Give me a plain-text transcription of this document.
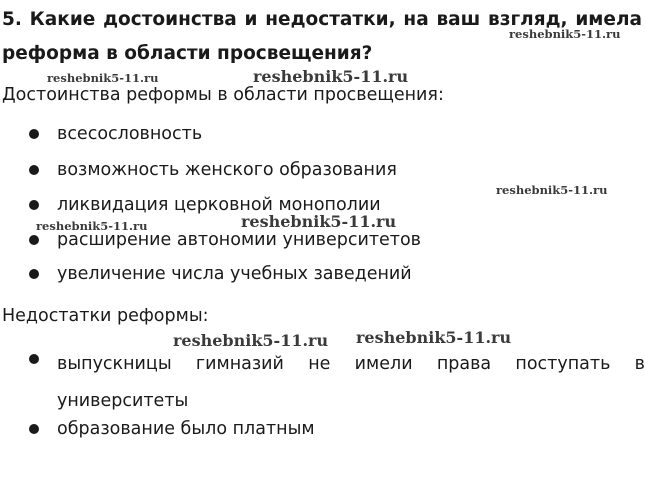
5. Какие достоинства и недостатки, на ваш взгляд, имела реформа в области просвещения?

Достоинства реформы в области просвещения:

всесословность
возможность женского образования
ликвидация церковной монополии
расширение автономии университетов
увеличение числа учебных заведений

Недостатки реформы:

выпускницы гимназий не имели права поступать в университеты
образование было платным
reshebnik5-11.ru
reshebnik5-11.ru	reshebnik5-11.ru
reshebnik5-11.ru
reshebnik5-11.ru	reshebnik5-11.ru
reshebnik5-11.ru reshebnik5-11.ru
